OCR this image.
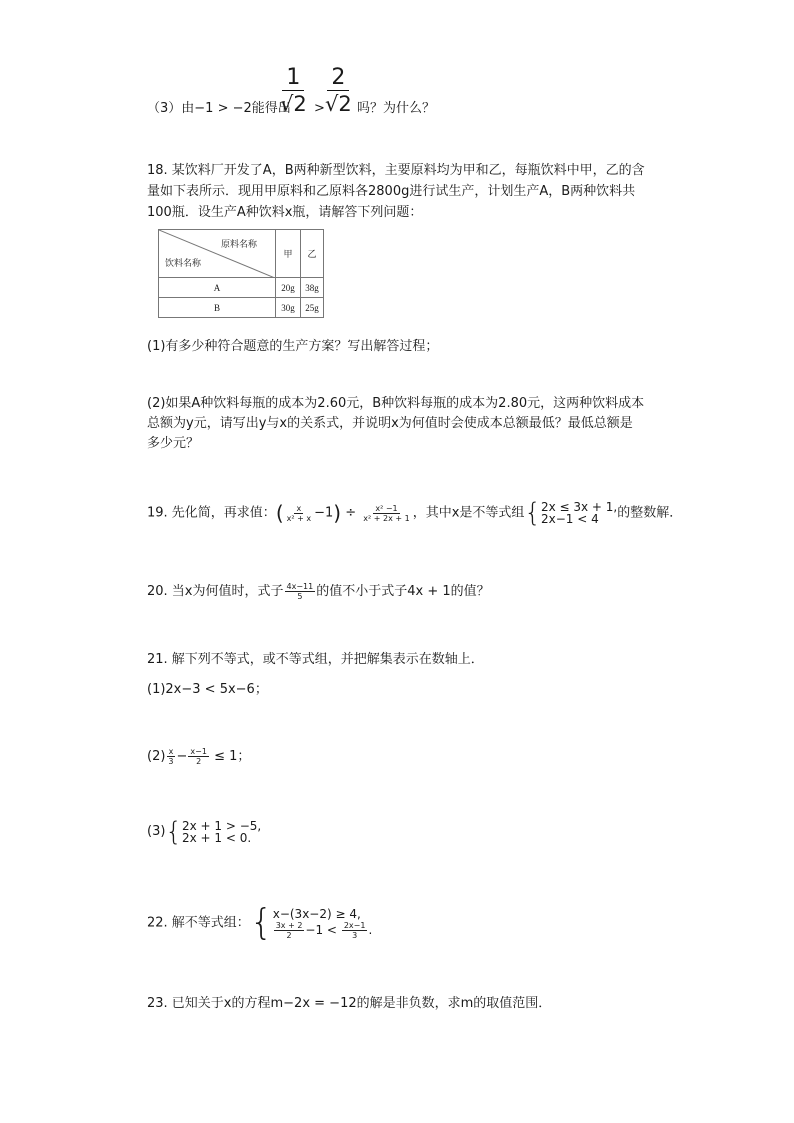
（3）由−1 > −2能得出
$\frac{1}{√2} > \frac{2}{√2}$ 吗？为什么？
18. 某饮料厂开发了A，B两种新型饮料，主要原料均为甲和乙，每瓶饮料中甲，乙的含
量如下表所示．现用甲原料和乙原料各2800g进行试生产，计划生产A，B两种饮料共
100瓶．设生产A种饮料x瓶，请解答下列问题：
原料名称
饮料名称	甲	乙
A	20g	38g
B	30g	25g
(1)有多少种符合题意的生产方案？写出解答过程；
(2)如果A种饮料每瓶的成本为2.60元，B种饮料每瓶的成本为2.80元，这两种饮料成本
总额为y元，请写出y与x的关系式，并说明x为何值时会使成本总额最低？最低总额是
多少元？
19. 先化简，再求值：( $\frac{x}{\text{x² + x}} -1) \div \frac{\text{x² −1}}{\text{x² + 2x + 1}}$ ，其中x是不等式组 { 2x ≤ 3x + 1,
2x−1 < 4	的整数解．
20. 当x为何值时，式子 $\frac{4x-11}{5}$ 的值不小于式子4x + 1的值？
21. 解下列不等式，或不等式组，并把解集表示在数轴上．
(1)2x−3 < 5x−6；
$(2) \frac{x}{3} - \frac{x-1}{2} \le 1$；
(3) { 2x + 1 > −5,
2x + 1 < 0.
22. 解不等式组： { x−(3x−2) ≥ 4,
$\frac{3x + 2}{2} -1 < \frac{2x-1}{3}$ .
23. 已知关于x的方程m−2x = −12的解是非负数，求m的取值范围．
